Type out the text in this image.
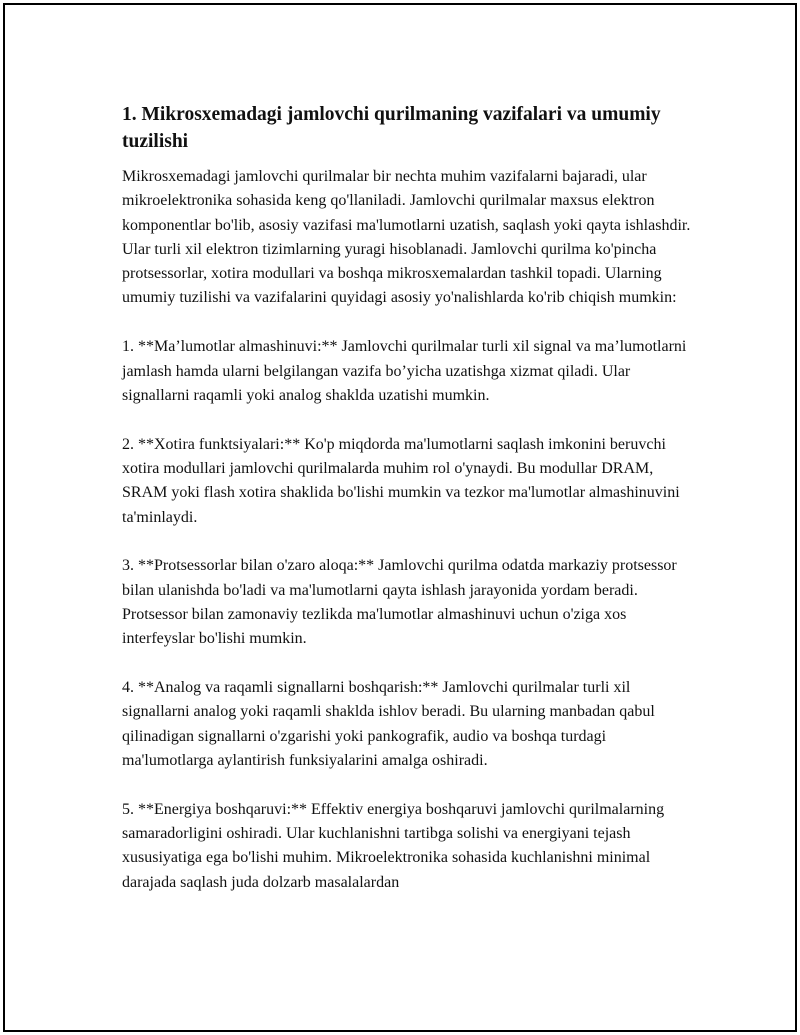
1. Mikrosxemadagi jamlovchi qurilmaning vazifalari va umumiy tuzilishi

Mikrosxemadagi jamlovchi qurilmalar bir nechta muhim vazifalarni bajaradi, ular mikroelektronika sohasida keng qo'llaniladi. Jamlovchi qurilmalar maxsus elektron komponentlar bo'lib, asosiy vazifasi ma'lumotlarni uzatish, saqlash yoki qayta ishlashdir. Ular turli xil elektron tizimlarning yuragi hisoblanadi. Jamlovchi qurilma ko'pincha protsessorlar, xotira modullari va boshqa mikrosxemalardan tashkil topadi. Ularning umumiy tuzilishi va vazifalarini quyidagi asosiy yo'nalishlarda ko'rib chiqish mumkin:

1. **Ma’lumotlar almashinuvi:** Jamlovchi qurilmalar turli xil signal va ma’lumotlarni jamlash hamda ularni belgilangan vazifa bo’yicha uzatishga xizmat qiladi. Ular signallarni raqamli yoki analog shaklda uzatishi mumkin.

2. **Xotira funktsiyalari:** Ko'p miqdorda ma'lumotlarni saqlash imkonini beruvchi xotira modullari jamlovchi qurilmalarda muhim rol o'ynaydi. Bu modullar DRAM, SRAM yoki flash xotira shaklida bo'lishi mumkin va tezkor ma'lumotlar almashinuvini ta'minlaydi.

3. **Protsessorlar bilan o'zaro aloqa:** Jamlovchi qurilma odatda markaziy protsessor bilan ulanishda bo'ladi va ma'lumotlarni qayta ishlash jarayonida yordam beradi. Protsessor bilan zamonaviy tezlikda ma'lumotlar almashinuvi uchun o'ziga xos interfeyslar bo'lishi mumkin.

4. **Analog va raqamli signallarni boshqarish:** Jamlovchi qurilmalar turli xil signallarni analog yoki raqamli shaklda ishlov beradi. Bu ularning manbadan qabul qilinadigan signallarni o'zgarishi yoki pankografik, audio va boshqa turdagi ma'lumotlarga aylantirish funksiyalarini amalga oshiradi.

5. **Energiya boshqaruvi:** Effektiv energiya boshqaruvi jamlovchi qurilmalarning samaradorligini oshiradi. Ular kuchlanishni tartibga solishi va energiyani tejash xususiyatiga ega bo'lishi muhim. Mikroelektronika sohasida kuchlanishni minimal darajada saqlash juda dolzarb masalalardan
